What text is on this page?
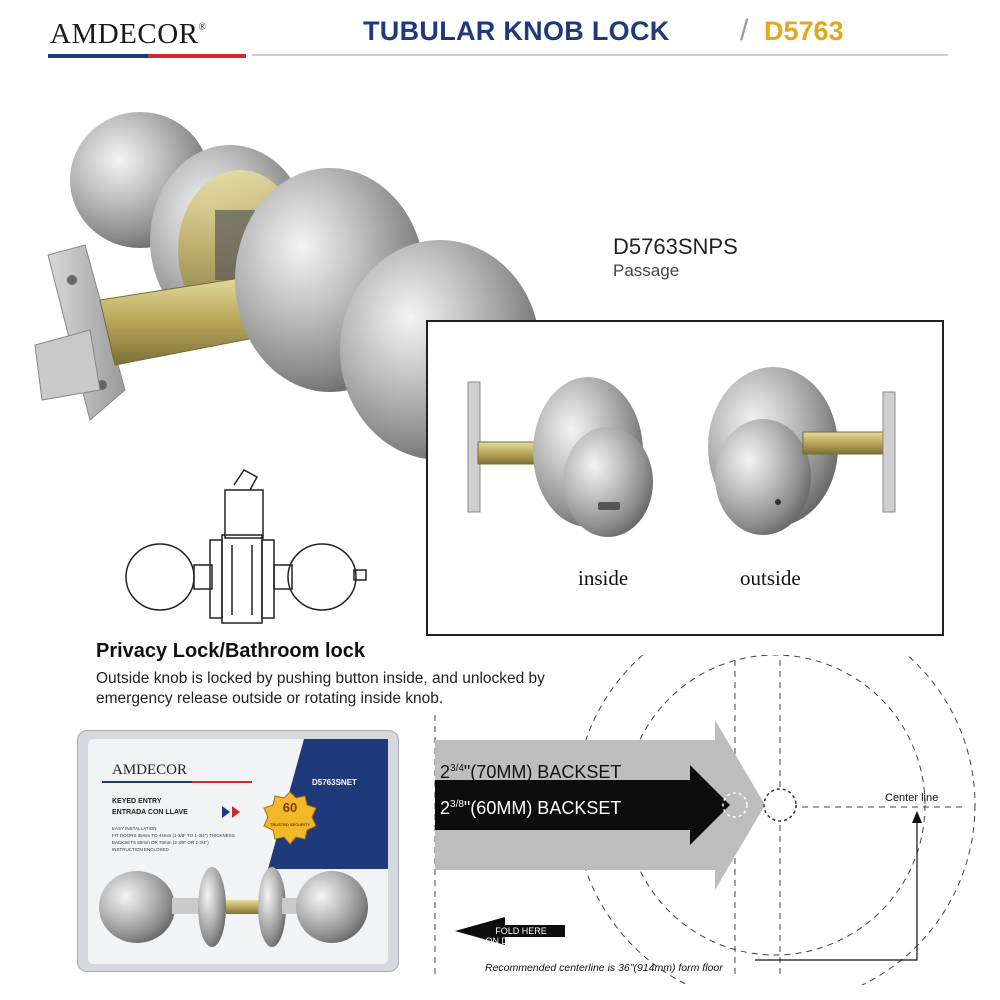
AMDECOR®	TUBULAR KNOB LOCK / D5763
D5763SNPS
Passage
inside	outside
Privacy Lock/Bathroom lock
Outside knob is locked by pushing button inside, and unlocked by emergency release outside or rotating inside knob.
AMDECOR
D5763SNET
KEYED ENTRY
ENTRADA CON LLAVE
EASY INSTALLATION
FIT DOORS 35mm TO 44mm (1-3/8" TO 1-3/4") THICKNESS
BACKSETS 60mm OR 70mm (2-3/8" OR 2-3/4")
INSTRUCTION ENCLOSED
60
TRUSTED SECURITY
$2^{3/4}"(70MM)$ BACKSET
$2^{3/8}"(60MM)$ BACKSET	Center line
FOLD HERE
ON DOOR EDGE
Recommended centerline is 36"(914mm) form floor
